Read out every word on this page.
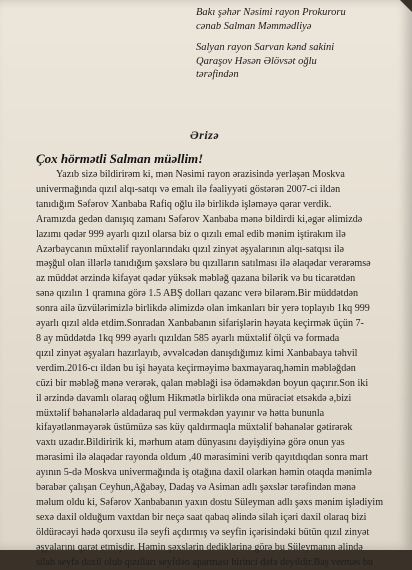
Bakı şəhər Nəsimi rayon Prokuroru
cənab Salman Məmmədliyə
Salyan rayon Sarvan kənd sakini
Qaraşov Həsən Əlövsət oğlu
tərəfindən
Ərizə
Çox hörmətli Salman müəllim!
Yazıb sizə bildirirəm ki, mən Nəsimi rayon ərazisində yerləşən Moskva
univermağında qızıl alqı-satqı və emalı ilə fəaliyyəti göstərən 2007-ci ildən
tanıdığım Səfərov Xanbaba Rafiq oğlu ilə birlikdə işləməyə qərar verdik.
Aramızda gedən danışıq zamanı Səfərov Xanbaba mənə bildirdi ki,əgər əlimizdə
lazımı qədər 999 əyarlı qızıl olarsa biz o qızılı emal edib mənim iştirakım ilə
Azərbaycanın müxtəlif rayonlarındakı qızıl zinyət əşyalarının alqı-satqısı ilə
məşğul olan illərlə tanıdığım şəxslərə bu qızılların satılması ilə əlaqədar verərəmsə
az müddət ərzində kifayət qədər yüksək məbləğ qazana bilərik və bu ticarətdən
sənə qızılın 1 qramına görə 1.5 ABŞ dolları qazanc verə bilərəm.Bir müddətdən
sonra ailə üzvülərimizlə birlikdə əlimizdə olan imkanları bir yerə toplayıb 1kq 999
əyarlı qızıl əldə etdim.Sonradan Xanbabanın sifarişlərin həyata keçirmək üçün 7-
8 ay müddətdə 1kq 999 əyarlı qızıldan 585 əyarlı müxtəlif ölçü və formada
qızıl zinyət əşyaları hazırlayıb, əvvəlcədən danışdığımız kimi Xanbabaya təhvil
verdim.2016-cı ildən bu işi həyata keçirməyimə baxmayaraq,həmin məbləğdən
cüzi bir məbləğ mənə verərək, qalan məbləği isə ödəməkdən boyun qaçırır.Son iki
il ərzində davamlı olaraq oğlum Hikmətlə birlikdə ona müraciət etsəkdə ə,bizi
müxtəlif bəhanələrlə aldadaraq pul verməkdən yayınır və hətta bununla
kifayətlənməyərək üstümüzə səs küy qaldırmaqla müxtəlif bəhanələr gətirərək
vaxtı uzadır.Bildiririk ki, mərhum atam dünyasını dəyişdiyinə görə onun yas
mərasimi ilə əlaqədar rayonda oldum ,40 mərasimini verib qayıtdıqdan sonra mart
ayının 5-də Moskva univermağında iş otağına daxil olarkən həmin otaqda mənimlə
bərabər çalışan Ceyhun,Ağabəy, Dadaş və Asiman adlı şəxslər tərəfindən mənə
məlum oldu ki, Səfərov Xanbabanın yaxın dostu Süleyman adlı şəxs mənim işlədiyim
sexə daxil olduğum vaxtdan bir neçə saat qabaq əlində silah içəri daxil olaraq bizi
öldürəcəyi hədə qorxusu ilə seyfi açdırmış və seyfin içərisindəki bütün qızıl zinyət
əşyalarını qarət etmişdir. Həmin şəxslərin dediklərinə görə bu Süleymanın əlində
silah seyfə daxil olub qızılları seyfdən aparması birinci dəfə deyildir.Baş verməs bu
